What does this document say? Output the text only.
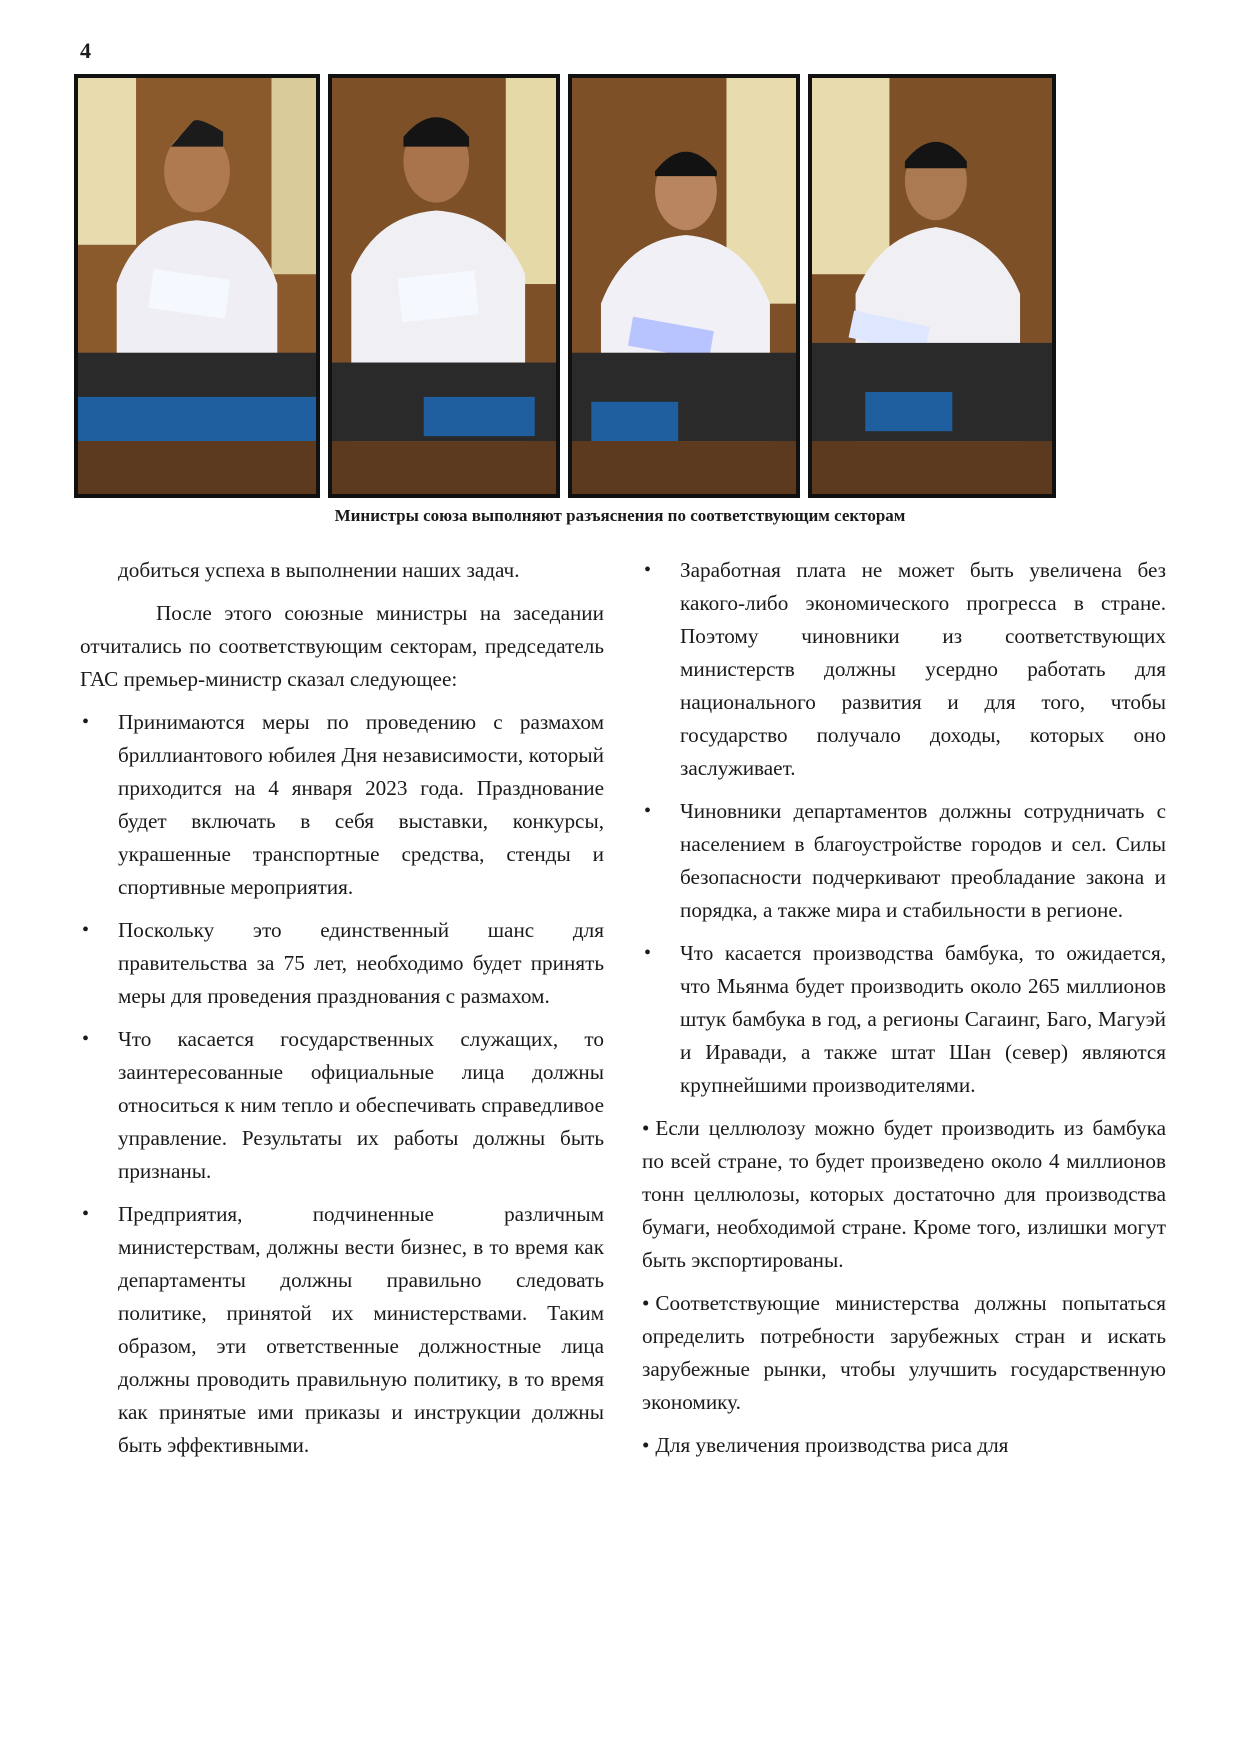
4
Министры союза выполняют разъяснения по соответствующим секторам

добиться успеха в выполнении наших задач.

После этого союзные министры на заседании отчитались по соответствующим секторам, председатель ГАС премьер-министр сказал следующее:

• Принимаются меры по проведению с размахом бриллиантового юбилея Дня независимости, который приходится на 4 января 2023 года. Празднование будет включать в себя выставки, конкурсы, украшенные транспортные средства, стенды и спортивные мероприятия.
• Поскольку это единственный шанс для правительства за 75 лет, необходимо будет принять меры для проведения празднования с размахом.
• Что касается государственных служащих, то заинтересованные официальные лица должны относиться к ним тепло и обеспечивать справедливое управление. Результаты их работы должны быть признаны.
• Предприятия, подчиненные различным министерствам, должны вести бизнес, в то время как департаменты должны правильно следовать политике, принятой их министерствами. Таким образом, эти ответственные должностные лица должны проводить правильную политику, в то время как принятые ими приказы и инструкции должны быть эффективными.
• Заработная плата не может быть увеличена без какого-либо экономического прогресса в стране. Поэтому чиновники из соответствующих министерств должны усердно работать для национального развития и для того, чтобы государство получало доходы, которых оно заслуживает.
• Чиновники департаментов должны сотрудничать с населением в благоустройстве городов и сел. Силы безопасности подчеркивают преобладание закона и порядка, а также мира и стабильности в регионе.
• Что касается производства бамбука, то ожидается, что Мьянма будет производить около 265 миллионов штук бамбука в год, а регионы Сагаинг, Баго, Магуэй и Иравади, а также штат Шан (север) являются крупнейшими производителями.

• Если целлюлозу можно будет производить из бамбука по всей стране, то будет произведено около 4 миллионов тонн целлюлозы, которых достаточно для производства бумаги, необходимой стране. Кроме того, излишки могут быть экспортированы.

• Соответствующие министерства должны попытаться определить потребности зарубежных стран и искать зарубежные рынки, чтобы улучшить государственную экономику.

• Для увеличения производства риса для
